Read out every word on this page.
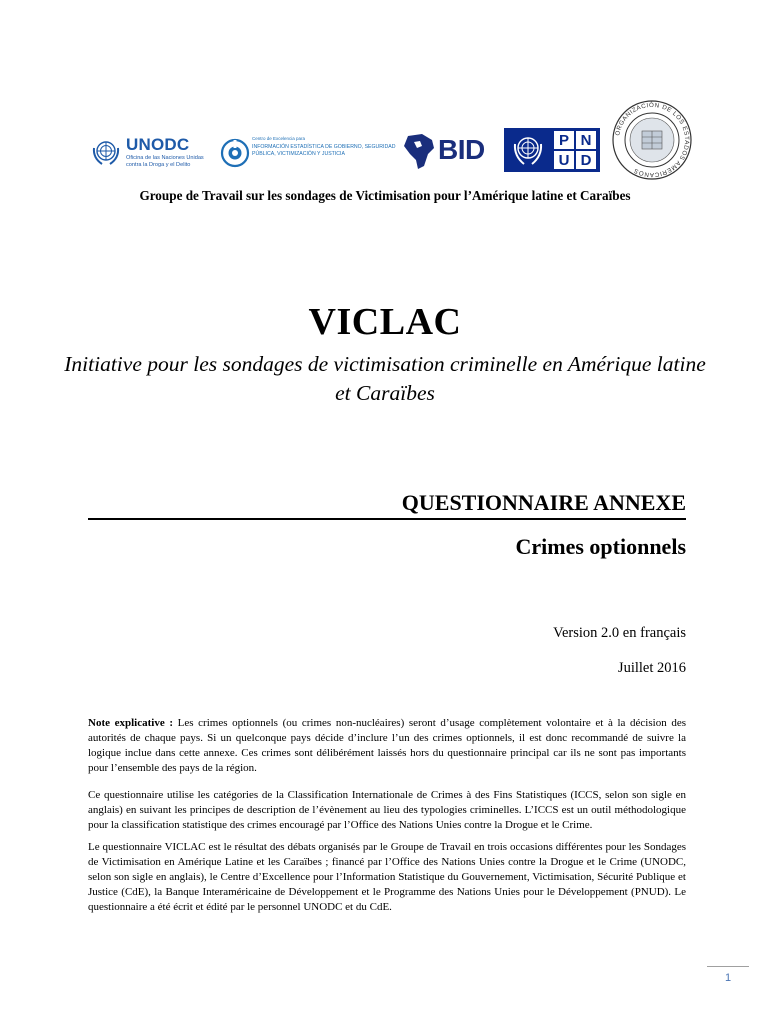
UNODC
Oficina de las Naciones Unidas contra la Droga y el Delito
Centro de Excelencia para
INFORMACIÓN ESTADÍSTICA DE GOBIERNO, SEGURIDAD PÚBLICA, VICTIMIZACIÓN Y JUSTICIA	BID	P N
U D
ORGANIZACIÓN DE LOS ESTADOS AMERICANOS
Groupe de Travail sur les sondages de Victimisation pour l’Amérique latine et Caraïbes
VICLAC
Initiative pour les sondages de victimisation criminelle en Amérique latine et Caraïbes
QUESTIONNAIRE ANNEXE
Crimes optionnels
Version 2.0 en français
Juillet 2016

Note explicative : Les crimes optionnels (ou crimes non-nucléaires) seront d’usage complètement volontaire et à la décision des autorités de chaque pays. Si un quelconque pays décide d’inclure l’un des crimes optionnels, il est donc recommandé de suivre la logique inclue dans cette annexe. Ces crimes sont délibérément laissés hors du questionnaire principal car ils ne sont pas importants pour l’ensemble des pays de la région.

Ce questionnaire utilise les catégories de la Classification Internationale de Crimes à des Fins Statistiques (ICCS, selon son sigle en anglais) en suivant les principes de description de l’évènement au lieu des typologies criminelles. L’ICCS est un outil méthodologique pour la classification statistique des crimes encouragé par l’Office des Nations Unies contre la Drogue et le Crime.

Le questionnaire VICLAC est le résultat des débats organisés par le Groupe de Travail en trois occasions différentes pour les Sondages de Victimisation en Amérique Latine et les Caraïbes ; financé par l’Office des Nations Unies contre la Drogue et le Crime (UNODC, selon son sigle en anglais), le Centre d’Excellence pour l’Information Statistique du Gouvernement, Victimisation, Sécurité Publique et Justice (CdE), la Banque Interaméricaine de Développement et le Programme des Nations Unies pour le Développement (PNUD). Le questionnaire a été écrit et édité par le personnel UNODC et du CdE.

1
